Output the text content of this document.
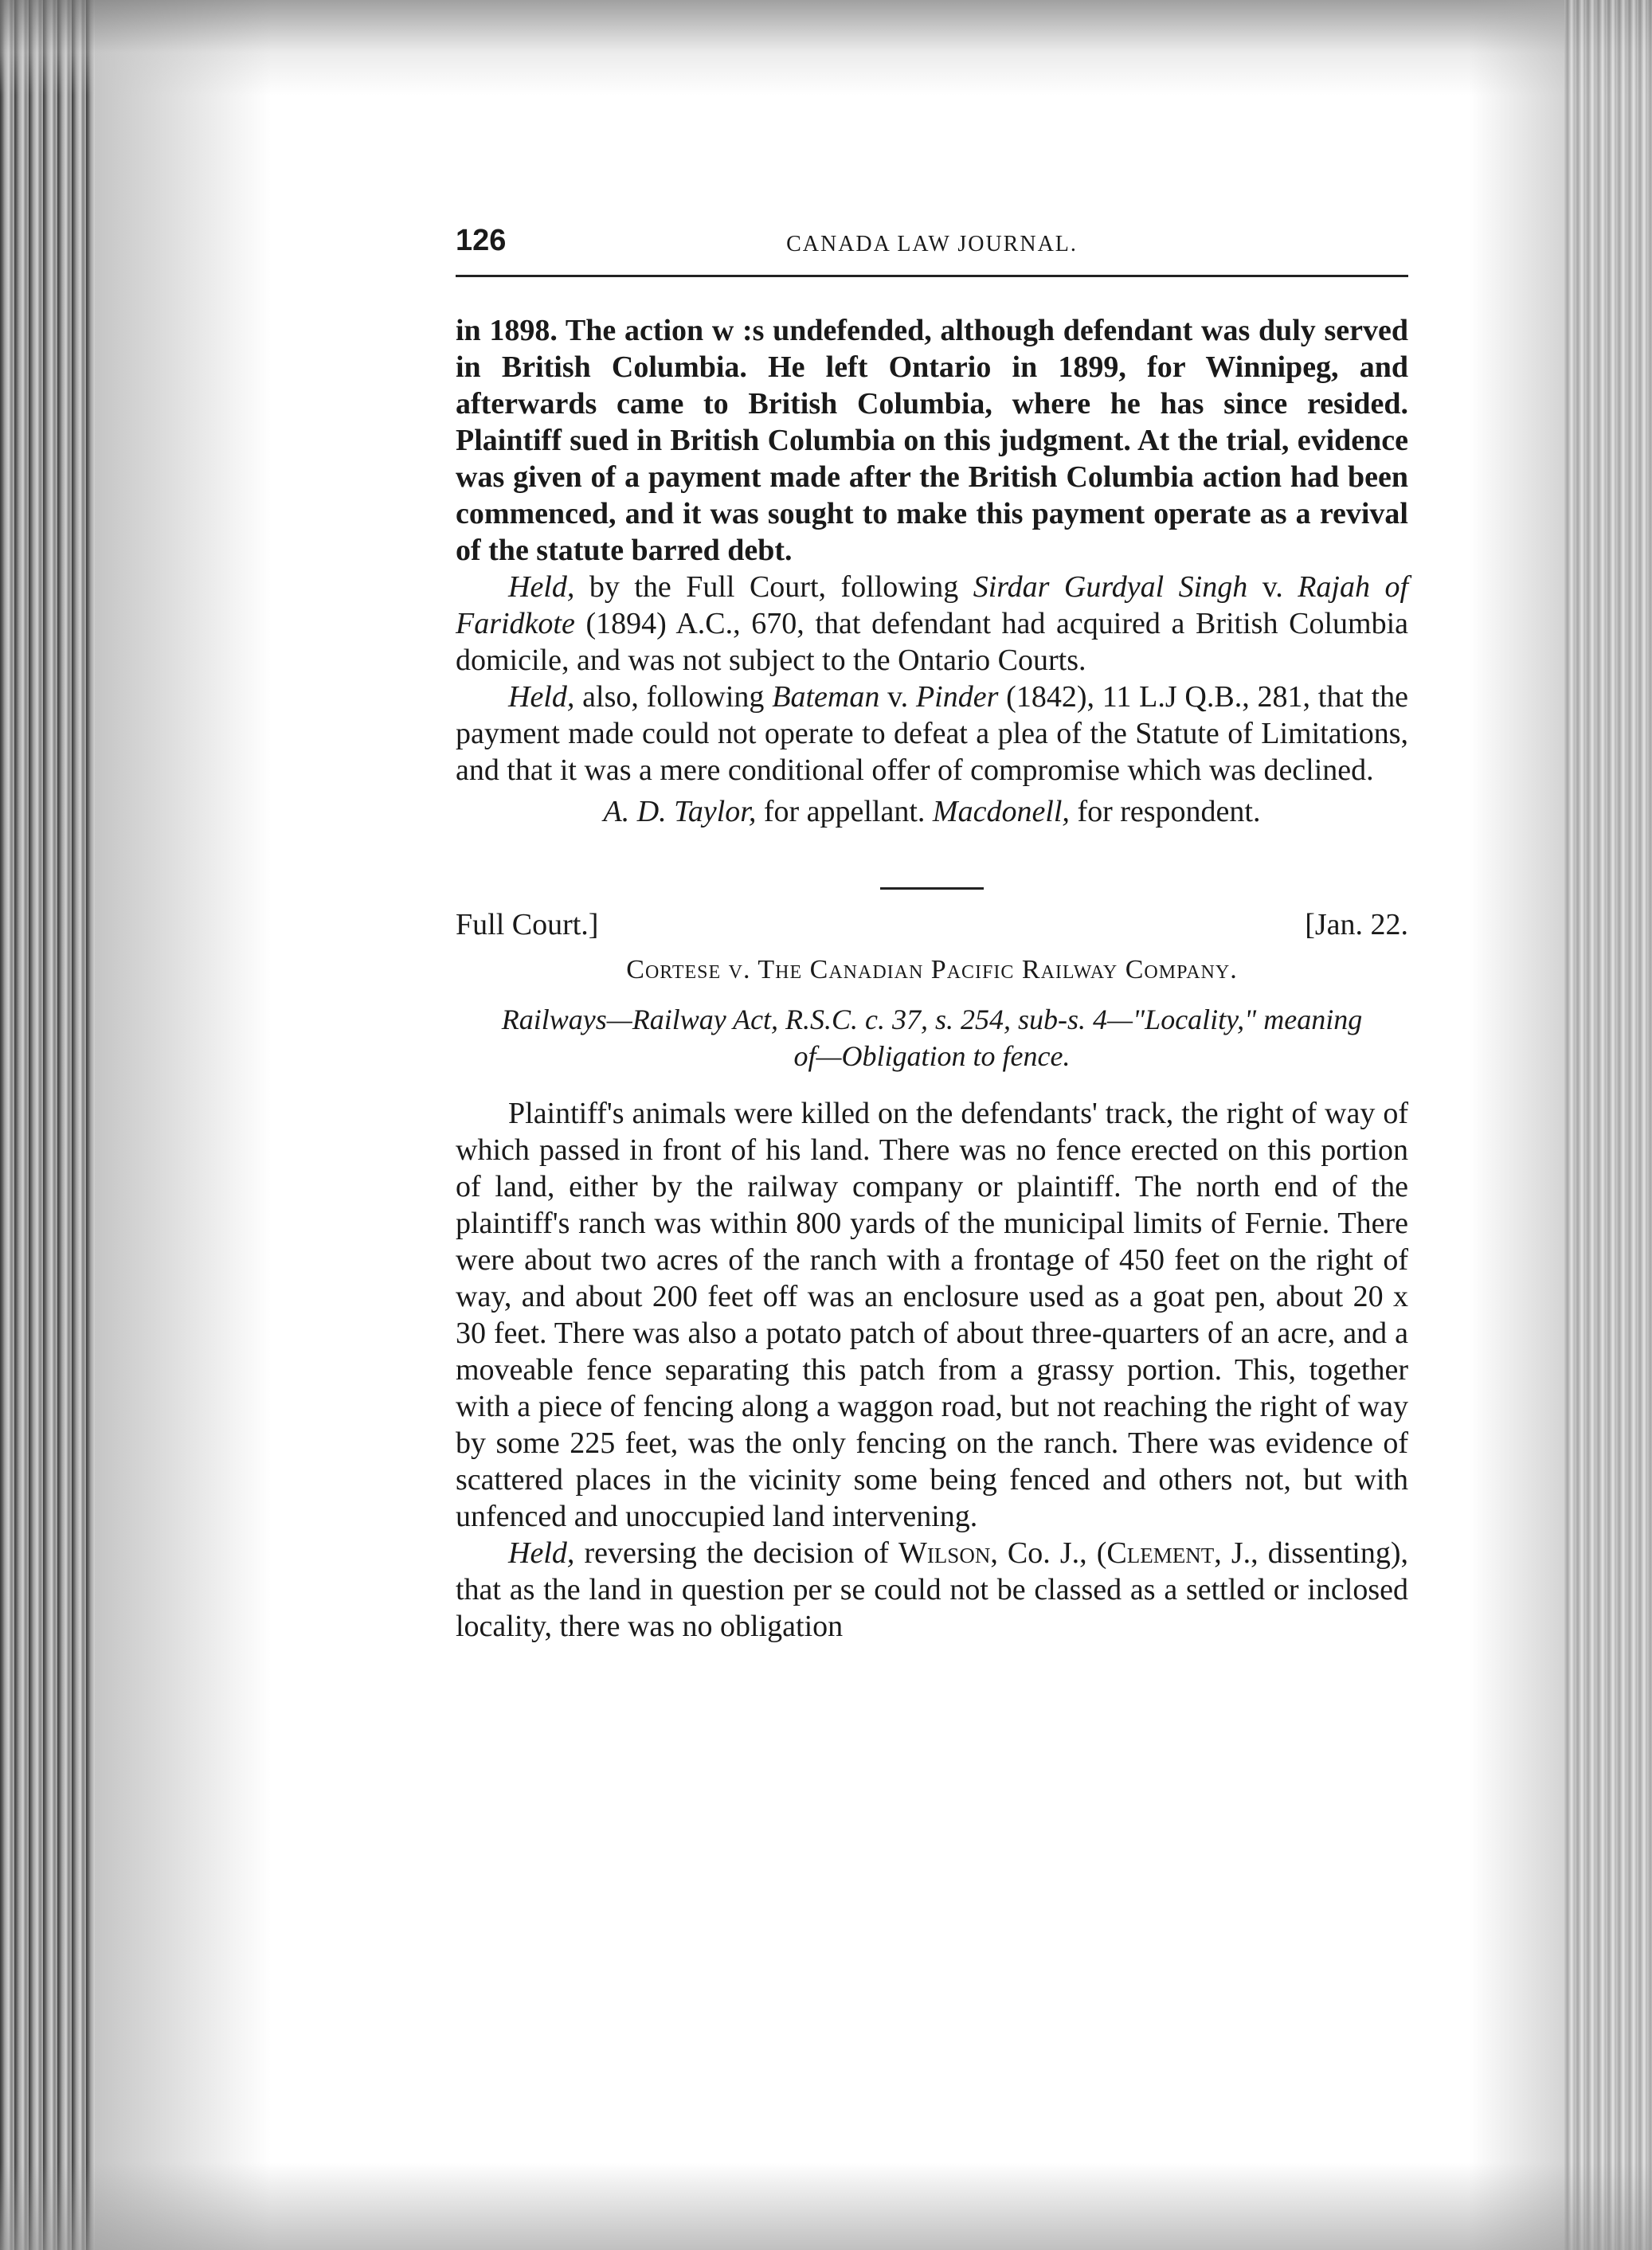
126	CANADA LAW JOURNAL.

in 1898. The action w :s undefended, although defendant was duly served in British Columbia. He left Ontario in 1899, for Winnipeg, and afterwards came to British Columbia, where he has since resided. Plaintiff sued in British Columbia on this judgment. At the trial, evidence was given of a payment made after the British Columbia action had been commenced, and it was sought to make this payment operate as a revival of the statute barred debt.

Held, by the Full Court, following Sirdar Gurdyal Singh v. Rajah of Faridkote (1894) A.C., 670, that defendant had acquired a British Columbia domicile, and was not subject to the Ontario Courts.

Held, also, following Bateman v. Pinder (1842), 11 L.J Q.B., 281, that the payment made could not operate to defeat a plea of the Statute of Limitations, and that it was a mere conditional offer of compromise which was declined.

A. D. Taylor, for appellant. Macdonell, for respondent.

Full Court.]	[Jan. 22.
Cortese v. The Canadian Pacific Railway Company.
Railways—Railway Act, R.S.C. c. 37, s. 254, sub-s. 4—"Locality," meaning of—Obligation to fence.

Plaintiff's animals were killed on the defendants' track, the right of way of which passed in front of his land. There was no fence erected on this portion of land, either by the railway company or plaintiff. The north end of the plaintiff's ranch was within 800 yards of the municipal limits of Fernie. There were about two acres of the ranch with a frontage of 450 feet on the right of way, and about 200 feet off was an enclosure used as a goat pen, about 20 x 30 feet. There was also a potato patch of about three-quarters of an acre, and a moveable fence separating this patch from a grassy portion. This, together with a piece of fencing along a waggon road, but not reaching the right of way by some 225 feet, was the only fencing on the ranch. There was evidence of scattered places in the vicinity some being fenced and others not, but with unfenced and unoccupied land intervening.

Held, reversing the decision of Wilson, Co. J., (Clement, J., dissenting), that as the land in question per se could not be classed as a settled or inclosed locality, there was no obligation
